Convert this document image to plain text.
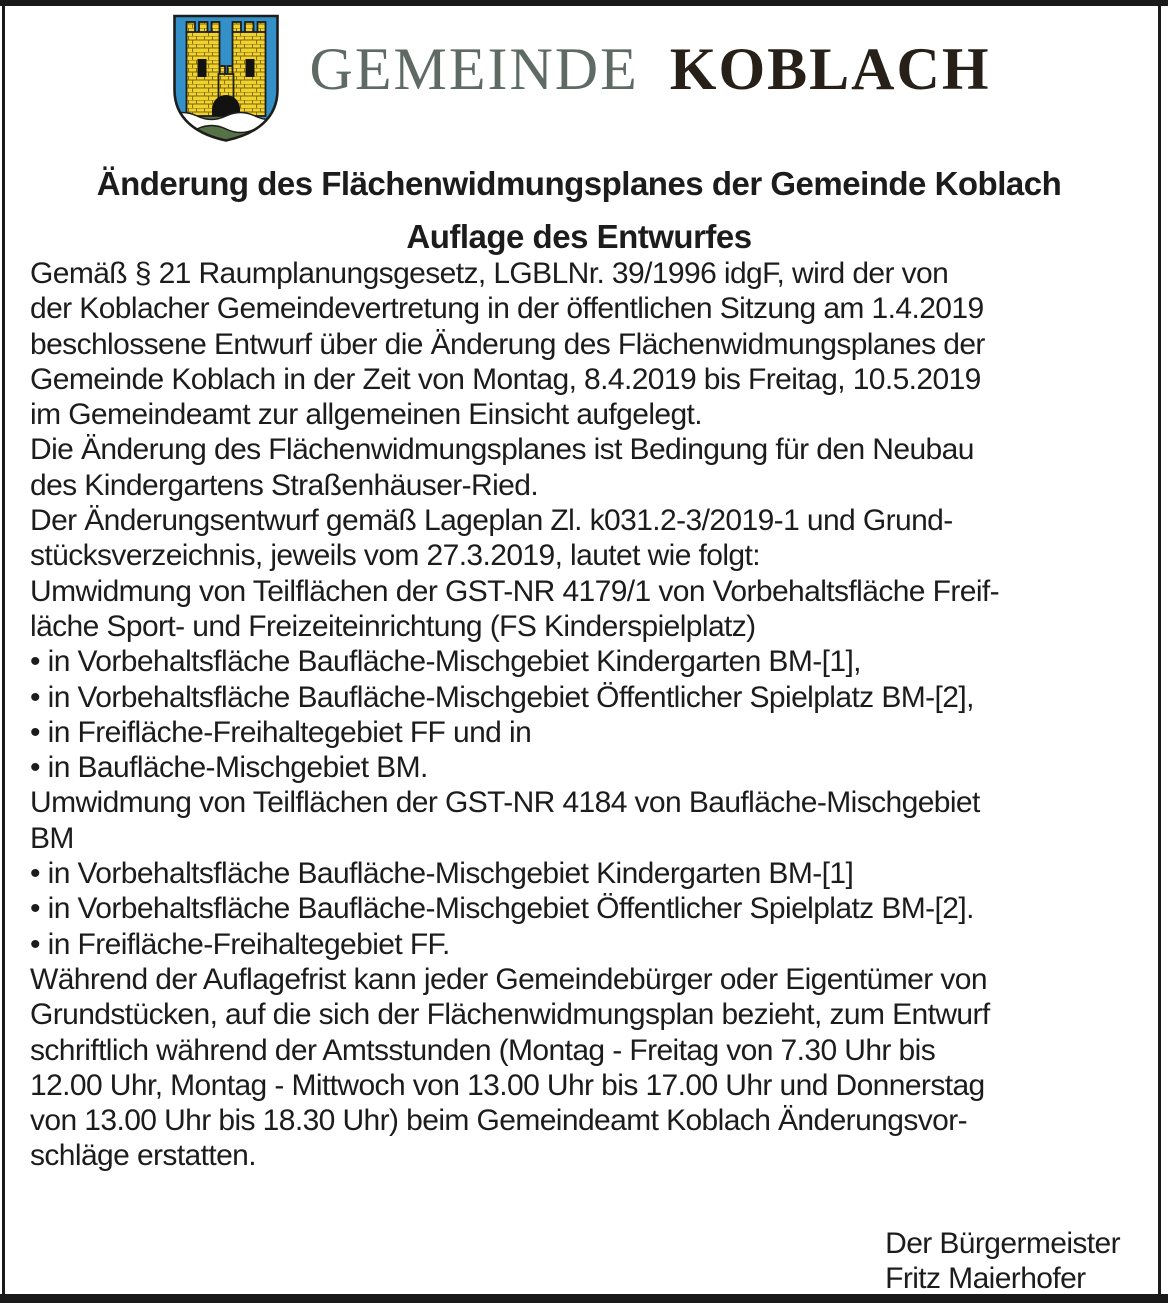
GEMEINDE KOBLACH
Änderung des Flächenwidmungsplanes der Gemeinde Koblach
Auflage des Entwurfes
Gemäß § 21 Raumplanungsgesetz, LGBLNr. 39/1996 idgF, wird der von
der Koblacher Gemeindevertretung in der öffentlichen Sitzung am 1.4.2019
beschlossene Entwurf über die Änderung des Flächenwidmungsplanes der
Gemeinde Koblach in der Zeit von Montag, 8.4.2019 bis Freitag, 10.5.2019
im Gemeindeamt zur allgemeinen Einsicht aufgelegt.
Die Änderung des Flächenwidmungsplanes ist Bedingung für den Neubau
des Kindergartens Straßenhäuser-Ried.
Der Änderungsentwurf gemäß Lageplan Zl. k031.2-3/2019-1 und Grund-
stücksverzeichnis, jeweils vom 27.3.2019, lautet wie folgt:
Umwidmung von Teilflächen der GST-NR 4179/1 von Vorbehaltsfläche Freif-
läche Sport- und Freizeiteinrichtung (FS Kinderspielplatz)
• in Vorbehaltsfläche Baufläche-Mischgebiet Kindergarten BM-[1],
• in Vorbehaltsfläche Baufläche-Mischgebiet Öffentlicher Spielplatz BM-[2],
• in Freifläche-Freihaltegebiet FF und in
• in Baufläche-Mischgebiet BM.
Umwidmung von Teilflächen der GST-NR 4184 von Baufläche-Mischgebiet
BM
• in Vorbehaltsfläche Baufläche-Mischgebiet Kindergarten BM-[1]
• in Vorbehaltsfläche Baufläche-Mischgebiet Öffentlicher Spielplatz BM-[2].
• in Freifläche-Freihaltegebiet FF.
Während der Auflagefrist kann jeder Gemeindebürger oder Eigentümer von
Grundstücken, auf die sich der Flächenwidmungsplan bezieht, zum Entwurf
schriftlich während der Amtsstunden (Montag - Freitag von 7.30 Uhr bis
12.00 Uhr, Montag - Mittwoch von 13.00 Uhr bis 17.00 Uhr und Donnerstag
von 13.00 Uhr bis 18.30 Uhr) beim Gemeindeamt Koblach Änderungsvor-
schläge erstatten.
Der Bürgermeister
Fritz Maierhofer
